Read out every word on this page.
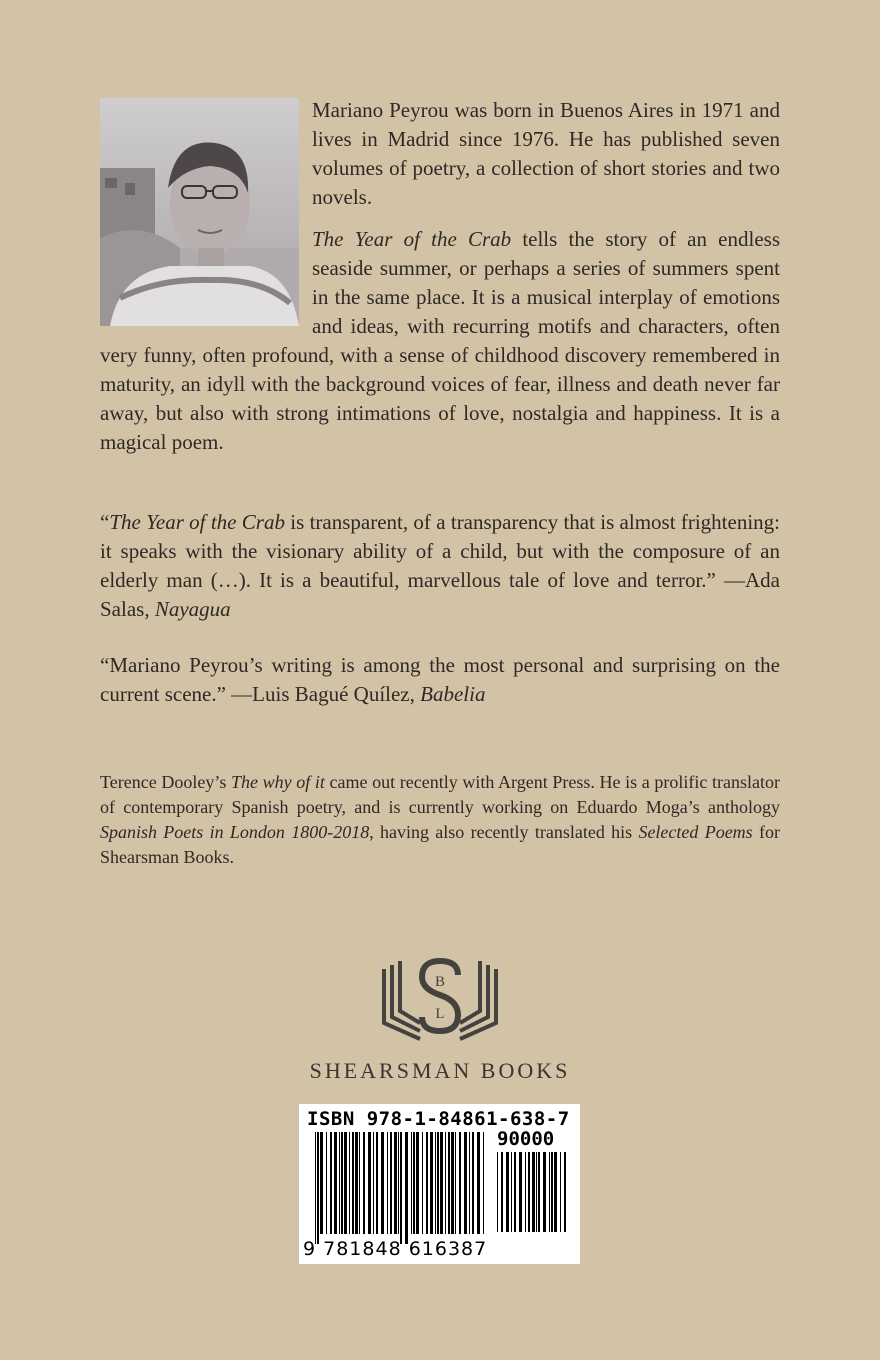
Mariano Peyrou was born in Buenos Aires in 1971 and lives in Madrid since 1976. He has published seven volumes of poetry, a collection of short stories and two novels.

The Year of the Crab tells the story of an endless seaside summer, or perhaps a series of summers spent in the same place. It is a musical interplay of emotions and ideas, with recurring motifs and characters, often very funny, often profound, with a sense of childhood discovery remembered in maturity, an idyll with the background voices of fear, illness and death never far away, but also with strong intimations of love, nostalgia and happiness. It is a magical poem.

“The Year of the Crab is transparent, of a transparency that is almost frightening: it speaks with the visionary ability of a child, but with the composure of an elderly man (…). It is a beautiful, marvellous tale of love and terror.” —Ada Salas, Nayagua

“Mariano Peyrou’s writing is among the most personal and surprising on the current scene.” —Luis Bagué Quílez, Babelia

Terence Dooley’s The why of it came out recently with Argent Press. He is a prolific translator of contemporary Spanish poetry, and is currently working on Eduardo Moga’s anthology Spanish Poets in London 1800-2018, having also recently translated his Selected Poems for Shearsman Books.

B
L
SHEARSMAN BOOKS
ISBN 978-1-84861-638-7
90000
9 781848 616387
